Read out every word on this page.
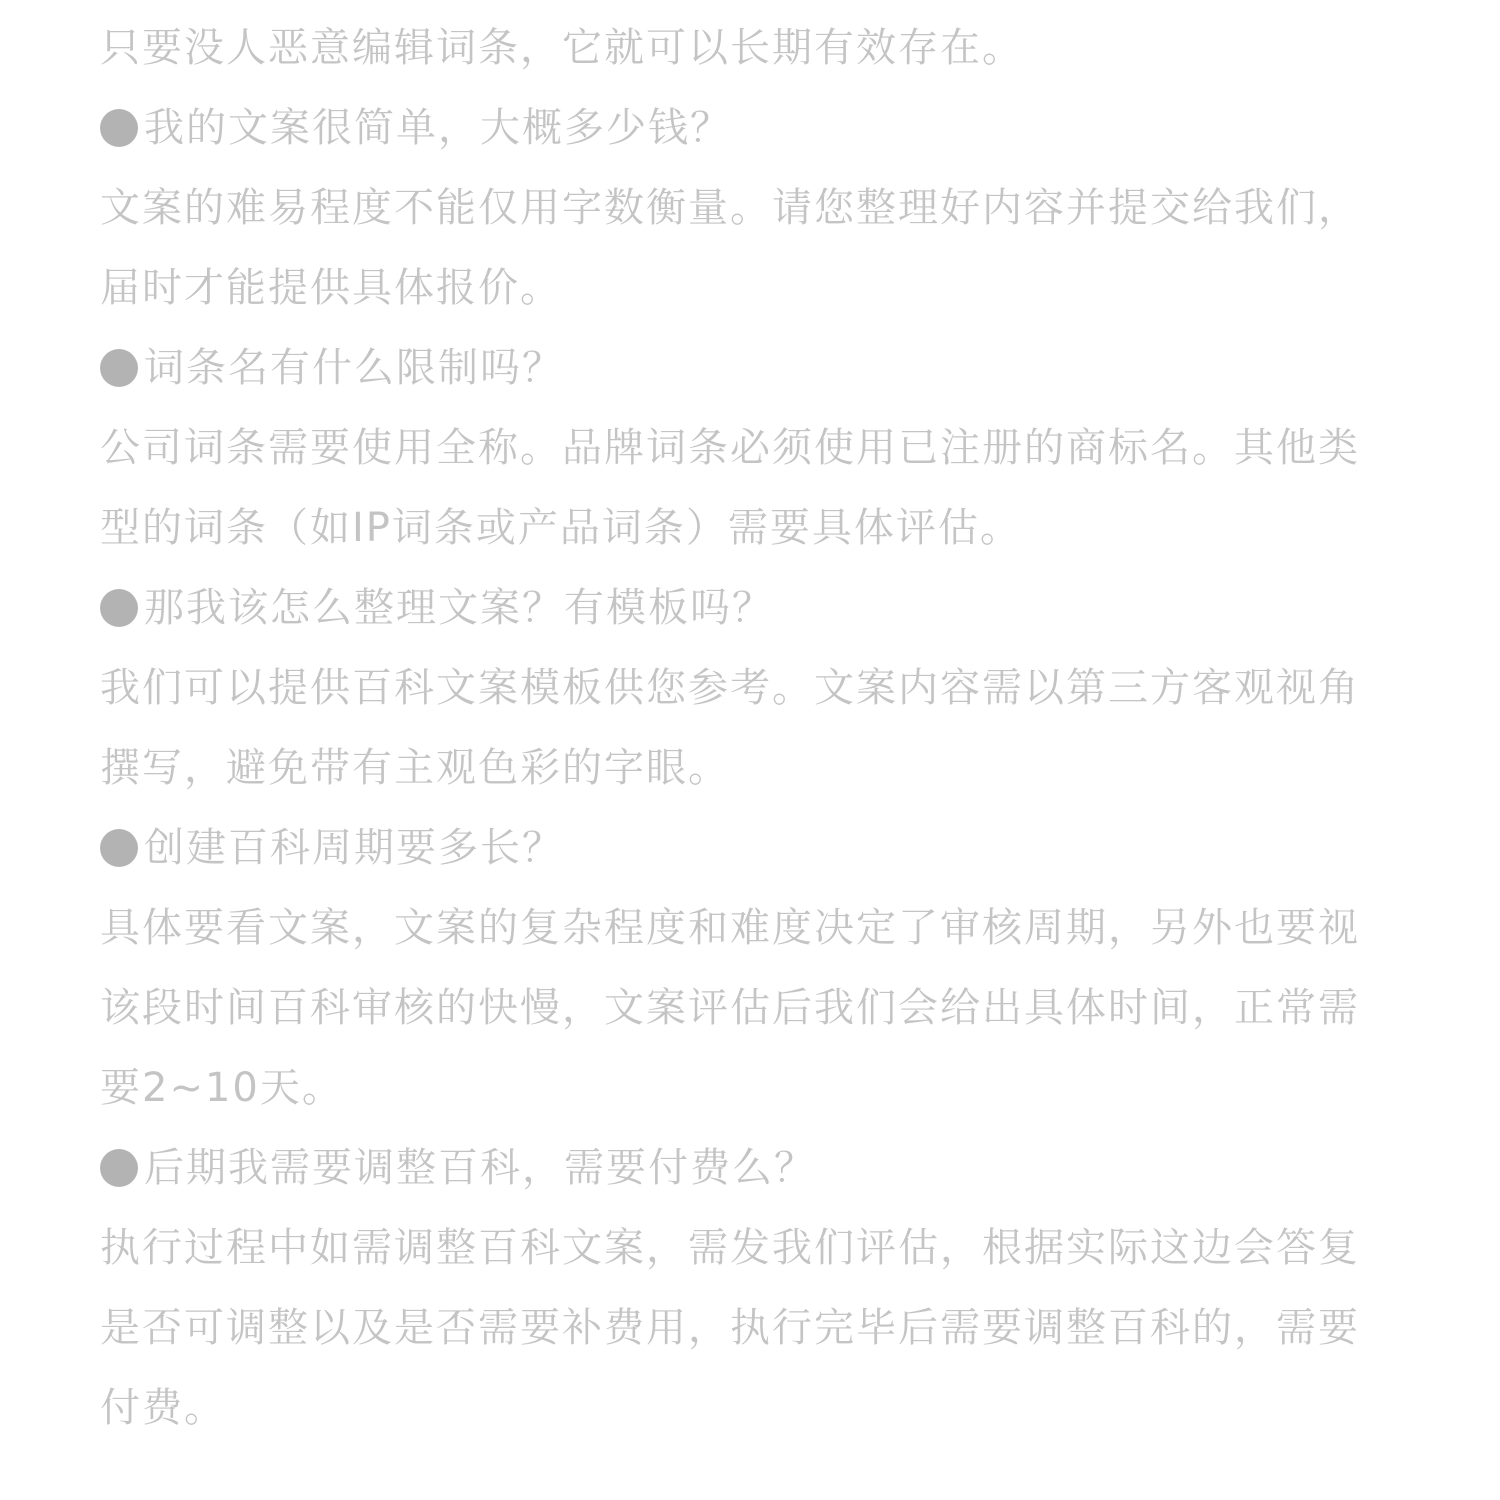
只要没人恶意编辑词条，它就可以长期有效存在。

我的文案很简单，大概多少钱？

文案的难易程度不能仅用字数衡量。请您整理好内容并提交给我们，

届时才能提供具体报价。

词条名有什么限制吗？

公司词条需要使用全称。品牌词条必须使用已注册的商标名。其他类

型的词条（如IP词条或产品词条）需要具体评估。

那我该怎么整理文案？有模板吗？

我们可以提供百科文案模板供您参考。文案内容需以第三方客观视角

撰写，避免带有主观色彩的字眼。

创建百科周期要多长？

具体要看文案，文案的复杂程度和难度决定了审核周期，另外也要视

该段时间百科审核的快慢，文案评估后我们会给出具体时间，正常需

要2~10天。

后期我需要调整百科，需要付费么？

执行过程中如需调整百科文案，需发我们评估，根据实际这边会答复

是否可调整以及是否需要补费用，执行完毕后需要调整百科的，需要

付费。
